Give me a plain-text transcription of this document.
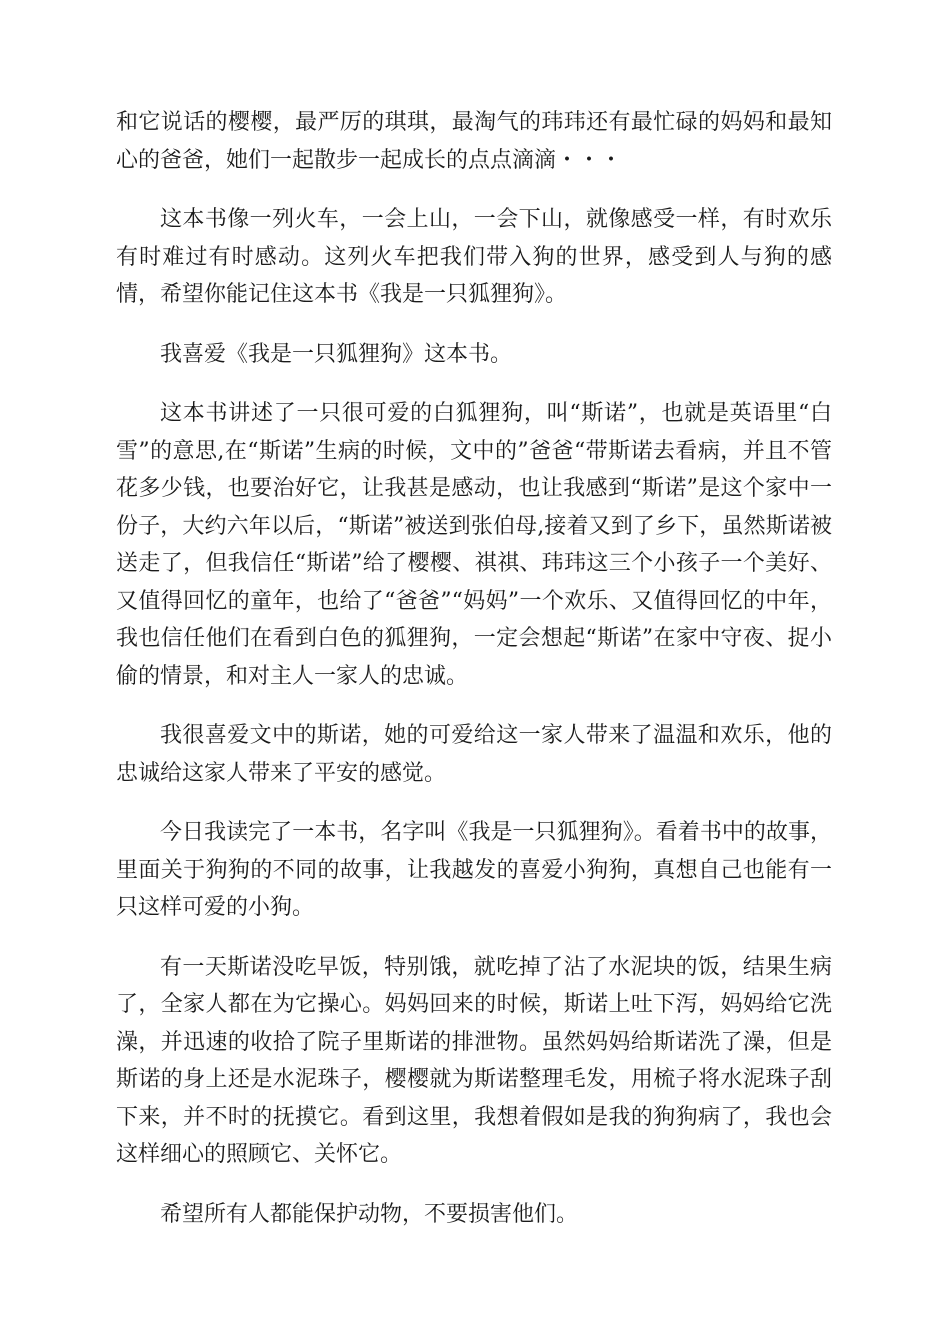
和它说话的樱樱，最严厉的琪琪，最淘气的玮玮还有最忙碌的妈妈和最知心的爸爸，她们一起散步一起成长的点点滴滴・・・

这本书像一列火车，一会上山，一会下山，就像感受一样，有时欢乐有时难过有时感动。这列火车把我们带入狗的世界，感受到人与狗的感情，希望你能记住这本书《我是一只狐狸狗》。

我喜爱《我是一只狐狸狗》这本书。

这本书讲述了一只很可爱的白狐狸狗，叫“斯诺”，也就是英语里“白雪”的意思,在“斯诺”生病的时候，文中的”爸爸“带斯诺去看病，并且不管花多少钱，也要治好它，让我甚是感动，也让我感到“斯诺”是这个家中一份子，大约六年以后，“斯诺”被送到张伯母,接着又到了乡下，虽然斯诺被送走了，但我信任“斯诺”给了樱樱、祺祺、玮玮这三个小孩子一个美好、又值得回忆的童年，也给了“爸爸”“妈妈”一个欢乐、又值得回忆的中年，我也信任他们在看到白色的狐狸狗，一定会想起“斯诺”在家中守夜、捉小偷的情景，和对主人一家人的忠诚。

我很喜爱文中的斯诺，她的可爱给这一家人带来了温温和欢乐，他的忠诚给这家人带来了平安的感觉。

今日我读完了一本书，名字叫《我是一只狐狸狗》。看着书中的故事，里面关于狗狗的不同的故事，让我越发的喜爱小狗狗，真想自己也能有一只这样可爱的小狗。

有一天斯诺没吃早饭，特别饿，就吃掉了沾了水泥块的饭，结果生病了，全家人都在为它操心。妈妈回来的时候，斯诺上吐下泻，妈妈给它洗澡，并迅速的收拾了院子里斯诺的排泄物。虽然妈妈给斯诺洗了澡，但是斯诺的身上还是水泥珠子，樱樱就为斯诺整理毛发，用梳子将水泥珠子刮下来，并不时的抚摸它。看到这里，我想着假如是我的狗狗病了，我也会这样细心的照顾它、关怀它。

希望所有人都能保护动物，不要损害他们。
